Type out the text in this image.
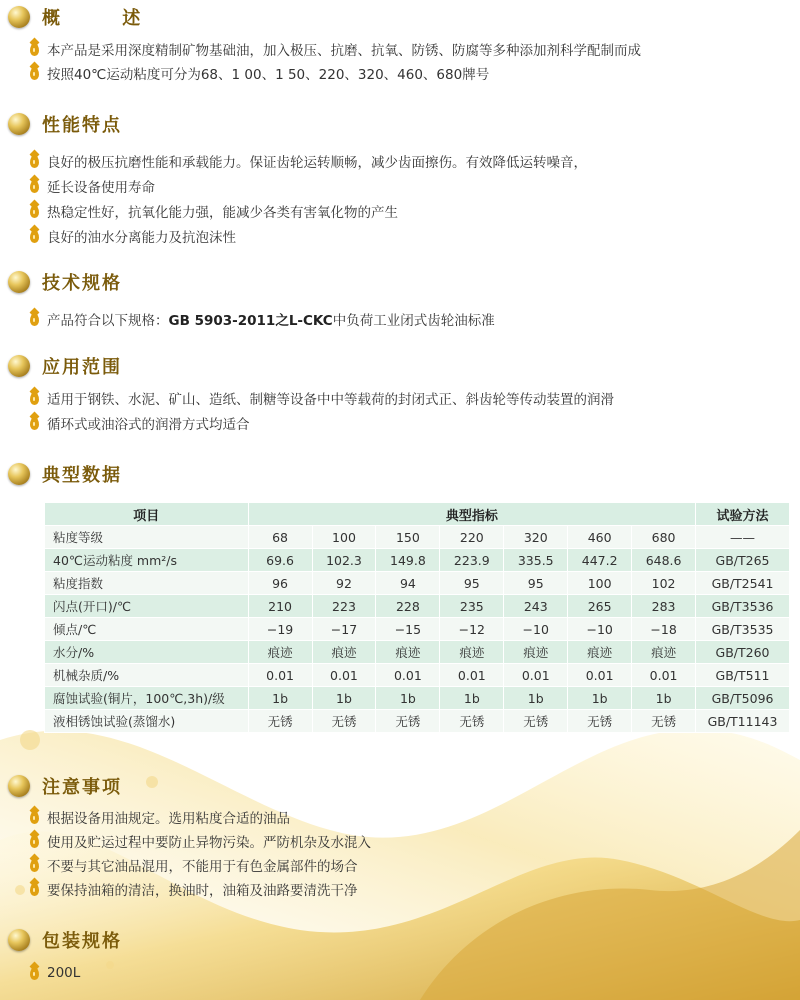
概 述
本产品是采用深度精制矿物基础油，加入极压、抗磨、抗氧、防锈、防腐等多种添加剂科学配制而成
按照40℃运动粘度可分为68、1 00、1 50、220、320、460、680牌号
性能特点
良好的极压抗磨性能和承载能力。保证齿轮运转顺畅，减少齿面擦伤。有效降低运转噪音，
延长设备使用寿命
热稳定性好，抗氧化能力强，能减少各类有害氧化物的产生
良好的油水分离能力及抗泡沫性
技术规格
产品符合以下规格： GB 5903-2011之L-CKC 中负荷工业闭式齿轮油标准
应用范围
适用于钢铁、水泥、矿山、造纸、制糖等设备中中等载荷的封闭式正、斜齿轮等传动装置的润滑
循环式或油浴式的润滑方式均适合
典型数据
项目	典型指标							试验方法
粘度等级	68	100	150	220	320	460	680	——
40℃运动粘度 mm²/s	69.6	102.3	149.8	223.9	335.5	447.2	648.6	GB/T265
粘度指数	96	92	94	95	95	100	102	GB/T2541
闪点(开口)/℃	210	223	228	235	243	265	283	GB/T3536
倾点/℃	−19	−17	−15	−12	−10	−10	−18	GB/T3535
水分/%	痕迹	痕迹	痕迹	痕迹	痕迹	痕迹	痕迹	GB/T260
机械杂质/%	0.01	0.01	0.01	0.01	0.01	0.01	0.01	GB/T511
腐蚀试验(铜片，100℃,3h)/级	1b	1b	1b	1b	1b	1b	1b	GB/T5096
液相锈蚀试验(蒸馏水)	无锈	无锈	无锈	无锈	无锈	无锈	无锈	GB/T11143
注意事项
根据设备用油规定。选用粘度合适的油品
使用及贮运过程中要防止异物污染。严防机杂及水混入
不要与其它油品混用，不能用于有色金属部件的场合
要保持油箱的清洁，换油时，油箱及油路要清洗干净
包装规格
200L
